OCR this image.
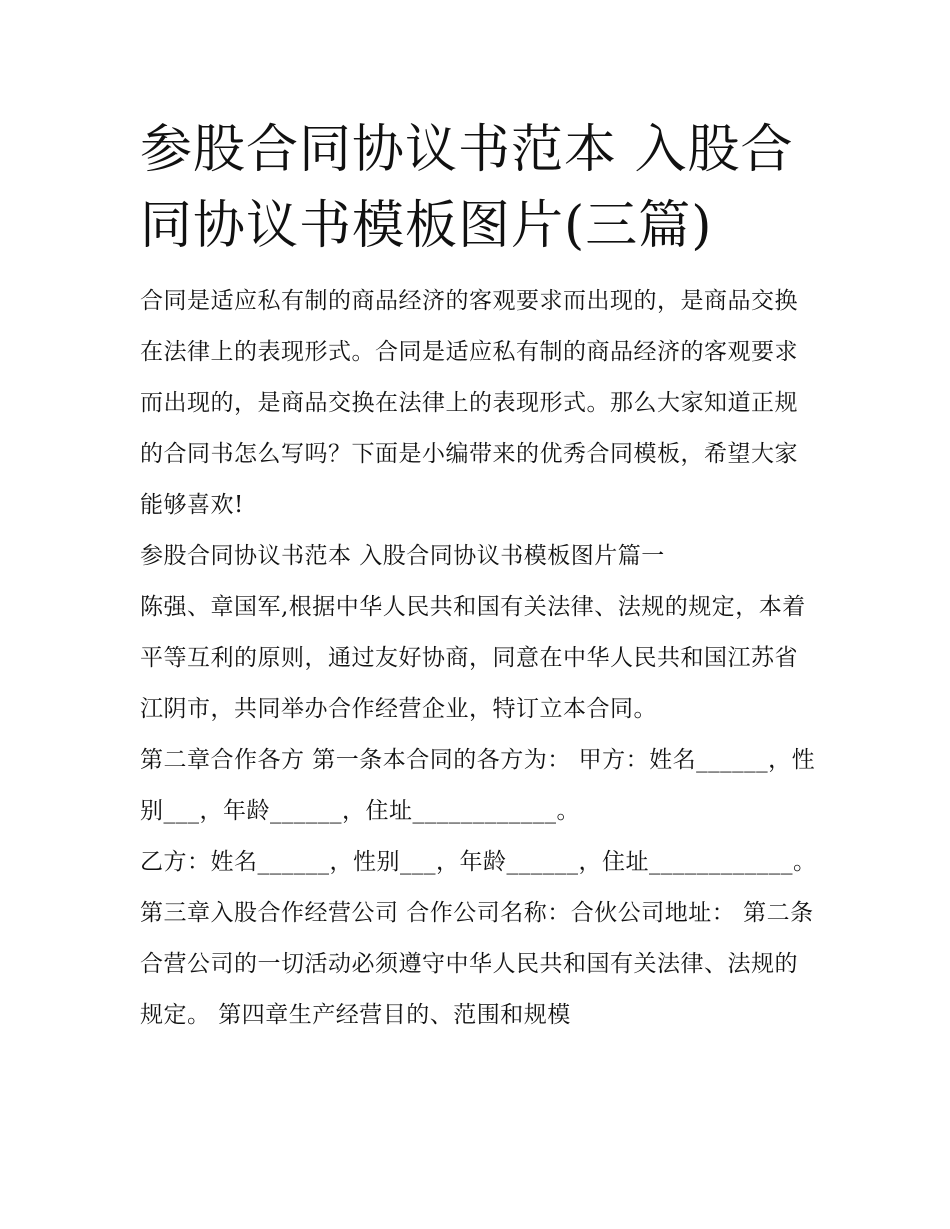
参股合同协议书范本 入股合同协议书模板图片(三篇)

合同是适应私有制的商品经济的客观要求而出现的，是商品交换在法律上的表现形式。合同是适应私有制的商品经济的客观要求而出现的，是商品交换在法律上的表现形式。那么大家知道正规的合同书怎么写吗？下面是小编带来的优秀合同模板，希望大家能够喜欢!

参股合同协议书范本 入股合同协议书模板图片篇一

陈强、章国军,根据中华人民共和国有关法律、法规的规定，本着平等互利的原则，通过友好协商，同意在中华人民共和国江苏省江阴市，共同举办合作经营企业，特订立本合同。

第二章合作各方 第一条本合同的各方为： 甲方：姓名______，性别___，年龄______，住址____________。

乙方：姓名______，性别___，年龄______，住址____________。 第三章入股合作经营公司 合作公司名称：合伙公司地址： 第二条合营公司的一切活动必须遵守中华人民共和国有关法律、法规的规定。 第四章生产经营目的、范围和规模
